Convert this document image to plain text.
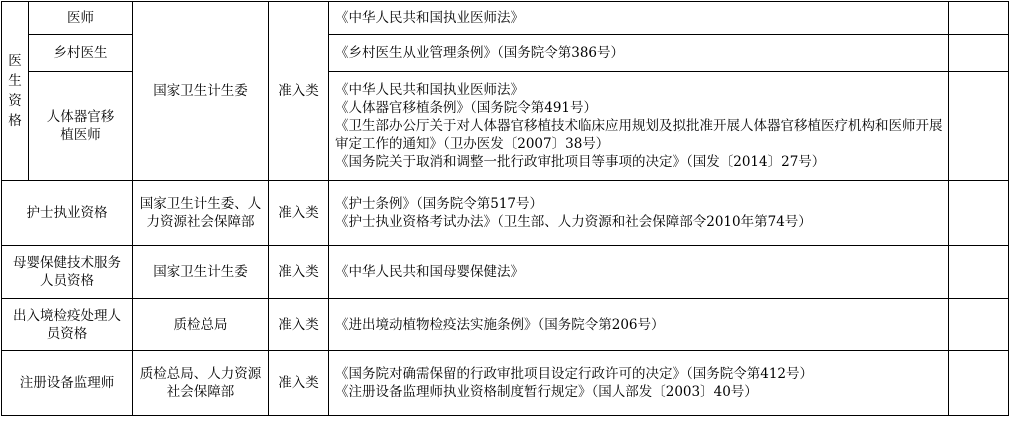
医生资格	医师	国家卫生计生委	准入类	《中华人民共和国执业医师法》	

	乡村医生			《乡村医生从业管理条例》（国务院令第386号）	

	人体器官移植医师			《中华人民共和国执业医师法》
《人体器官移植条例》（国务院令第491号）
《卫生部办公厅关于对人体器官移植技术临床应用规划及拟批准开展人体器官移植医疗机构和医师开展审定工作的通知》（卫办医发〔2007〕38号）
《国务院关于取消和调整一批行政审批项目等事项的决定》（国发〔2014〕27号）	

护士执业资格		国家卫生计生委、人力资源社会保障部	准入类	《护士条例》（国务院令第517号）
《护士执业资格考试办法》（卫生部、人力资源和社会保障部令2010年第74号）	

母婴保健技术服务人员资格		国家卫生计生委	准入类	《中华人民共和国母婴保健法》	

出入境检疫处理人员资格		质检总局	准入类	《进出境动植物检疫法实施条例》（国务院令第206号）	

注册设备监理师		质检总局、人力资源社会保障部	准入类	《国务院对确需保留的行政审批项目设定行政许可的决定》（国务院令第412号）
《注册设备监理师执业资格制度暂行规定》（国人部发〔2003〕40号）	
